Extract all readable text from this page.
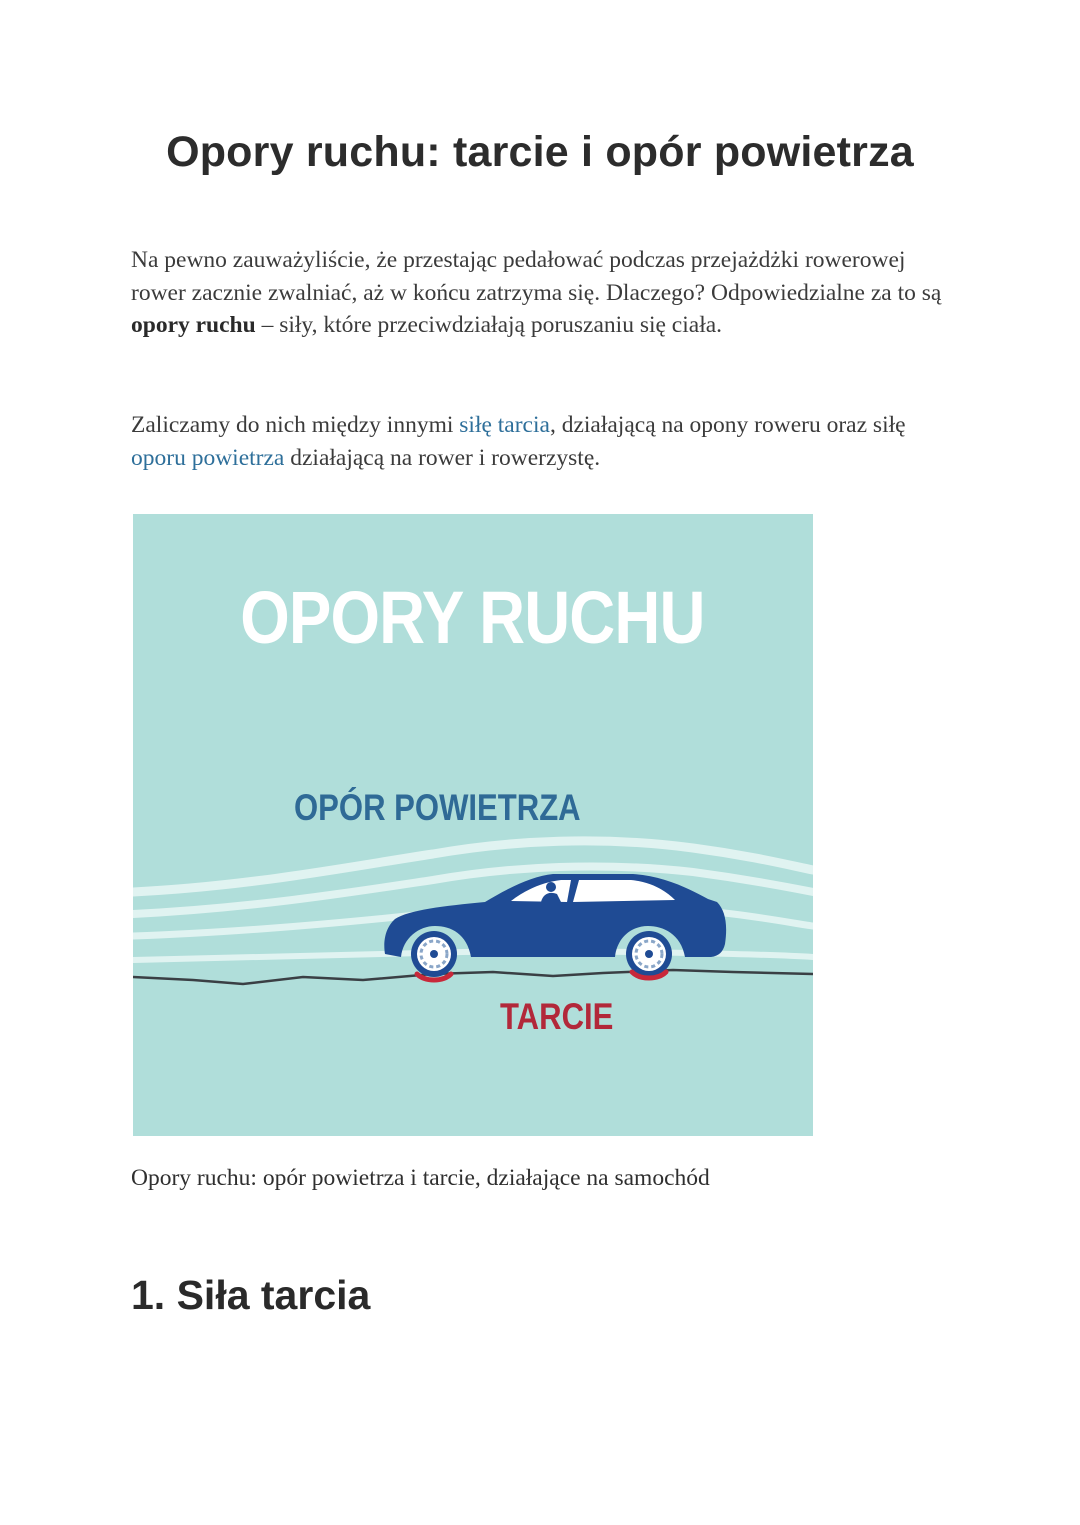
Opory ruchu: tarcie i opór powietrza

Na pewno zauważyliście, że przestając pedałować podczas przejażdżki rowerowej rower zacznie zwalniać, aż w końcu zatrzyma się. Dlaczego? Odpowiedzialne za to są opory ruchu – siły, które przeciwdziałają poruszaniu się ciała.

Zaliczamy do nich między innymi siłę tarcia, działającą na opony roweru oraz siłę oporu powietrza działającą na rower i rowerzystę.

OPORY RUCHU
OPÓR POWIETRZA
TARCIE

Opory ruchu: opór powietrza i tarcie, działające na samochód

1. Siła tarcia
